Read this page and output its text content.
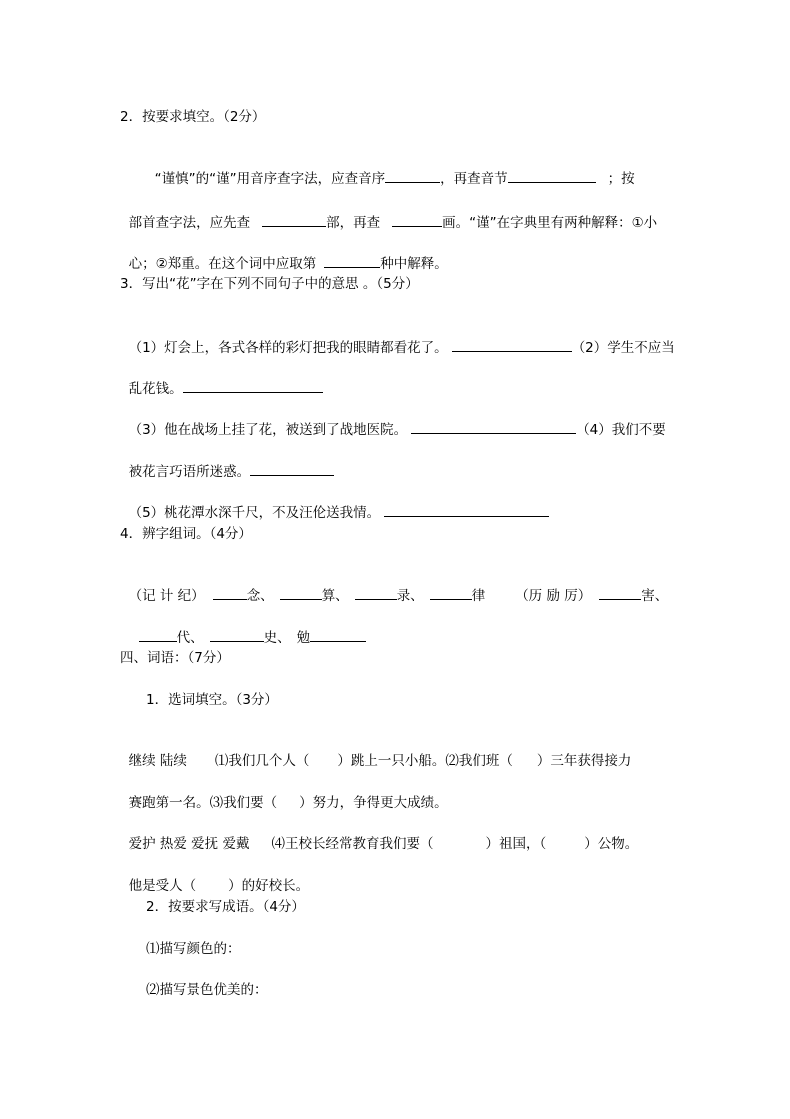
2．按要求填空。（2分）

“谨慎”的“谨”用音序查字法，应查音序	，再查音节	；按

部首查字法，应先查	部，再查	画。“谨”在字典里有两种解释：①小

心；②郑重。在这个词中应取第	种中解释。

3．写出“花”字在下列不同句子中的意思 。（5分）

（1）灯会上，各式各样的彩灯把我的眼睛都看花了。	（2）学生不应当

乱花钱。

（3）他在战场上挂了花，被送到了战地医院。	（4）我们不要

被花言巧语所迷惑。

（5）桃花潭水深千尺，不及汪伦送我情。

4．辨字组词。（4分）

（记 计 纪）	念、	算、	录、	律 （历 励 厉）	害、

代、	史、 勉

四、词语：（7分）
1．选词填空。（3分）

继续 陆续 ⑴我们几个人（ ）跳上一只小船。⑵我们班（ ）三年获得接力

赛跑第一名。⑶我们要（ ）努力，争得更大成绩。

爱护 热爱 爱抚 爱戴 ⑷王校长经常教育我们要（	）祖国，（	）公物。

他是受人（ ）的好校长。

2．按要求写成语。（4分）
⑴描写颜色的：
⑵描写景色优美的：
